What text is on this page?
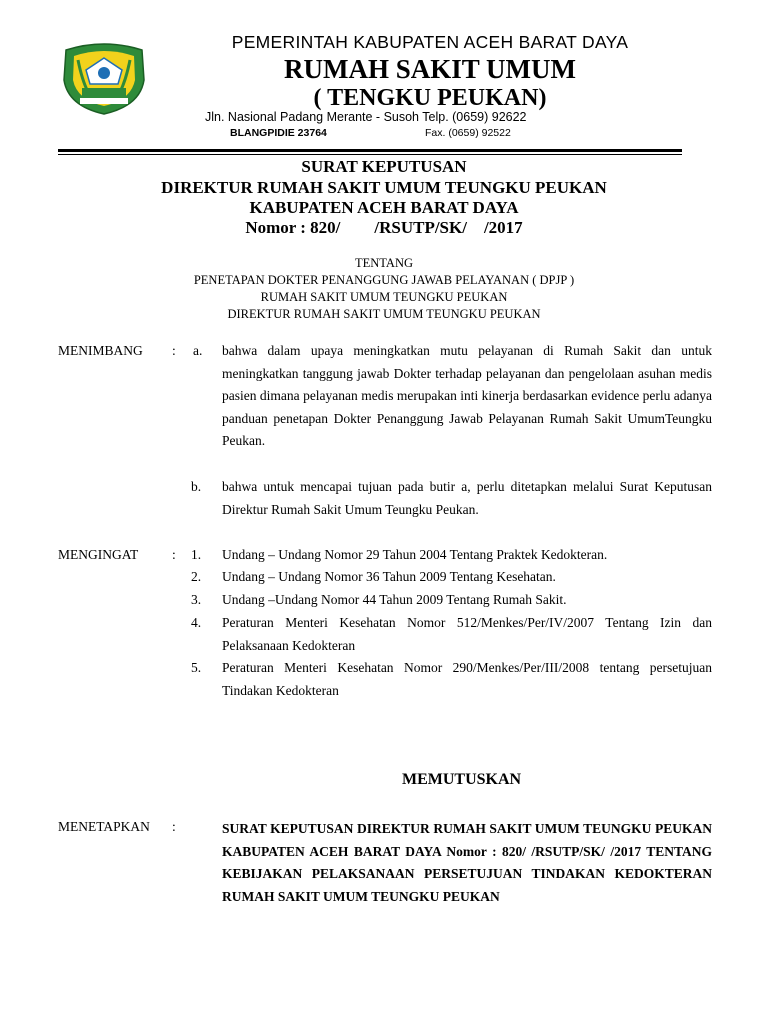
PEMERINTAH KABUPATEN ACEH BARAT DAYA
RUMAH SAKIT UMUM
( TENGKU PEUKAN)
Jln. Nasional Padang Merante - Susoh Telp. (0659) 92622
BLANGPIDIE 23764	Fax. (0659) 92522
SURAT KEPUTUSAN
DIREKTUR RUMAH SAKIT UMUM TEUNGKU PEUKAN
KABUPATEN ACEH BARAT DAYA
Nomor : 820/        /RSUTP/SK/    /2017
TENTANG
PENETAPAN DOKTER PENANGGUNG JAWAB PELAYANAN ( DPJP )
RUMAH SAKIT UMUM TEUNGKU PEUKAN
DIREKTUR RUMAH SAKIT UMUM TEUNGKU PEUKAN
MENIMBANG : a. bahwa dalam upaya meningkatkan mutu pelayanan di Rumah Sakit dan untuk meningkatkan tanggung jawab Dokter terhadap pelayanan dan pengelolaan asuhan medis pasien dimana pelayanan medis merupakan inti kinerja berdasarkan evidence perlu adanya panduan penetapan Dokter Penanggung Jawab Pelayanan Rumah Sakit UmumTeungku Peukan.
b. bahwa untuk mencapai tujuan pada butir a, perlu ditetapkan melalui Surat Keputusan Direktur Rumah Sakit Umum Teungku Peukan.
MENGINGAT	: 1. Undang – Undang Nomor 29 Tahun 2004 Tentang Praktek Kedokteran.
2. Undang – Undang Nomor 36 Tahun 2009 Tentang Kesehatan.
3. Undang –Undang Nomor 44 Tahun 2009 Tentang Rumah Sakit.
4. Peraturan Menteri Kesehatan Nomor 512/Menkes/Per/IV/2007 Tentang Izin dan Pelaksanaan Kedokteran
5. Peraturan Menteri Kesehatan Nomor 290/Menkes/Per/III/2008 tentang persetujuan Tindakan Kedokteran
MEMUTUSKAN
MENETAPKAN :	SURAT KEPUTUSAN DIREKTUR RUMAH SAKIT UMUM TEUNGKU PEUKAN KABUPATEN ACEH BARAT DAYA Nomor : 820/ /RSUTP/SK/ /2017 TENTANG KEBIJAKAN PELAKSANAAN PERSETUJUAN TINDAKAN KEDOKTERAN RUMAH SAKIT UMUM TEUNGKU PEUKAN
